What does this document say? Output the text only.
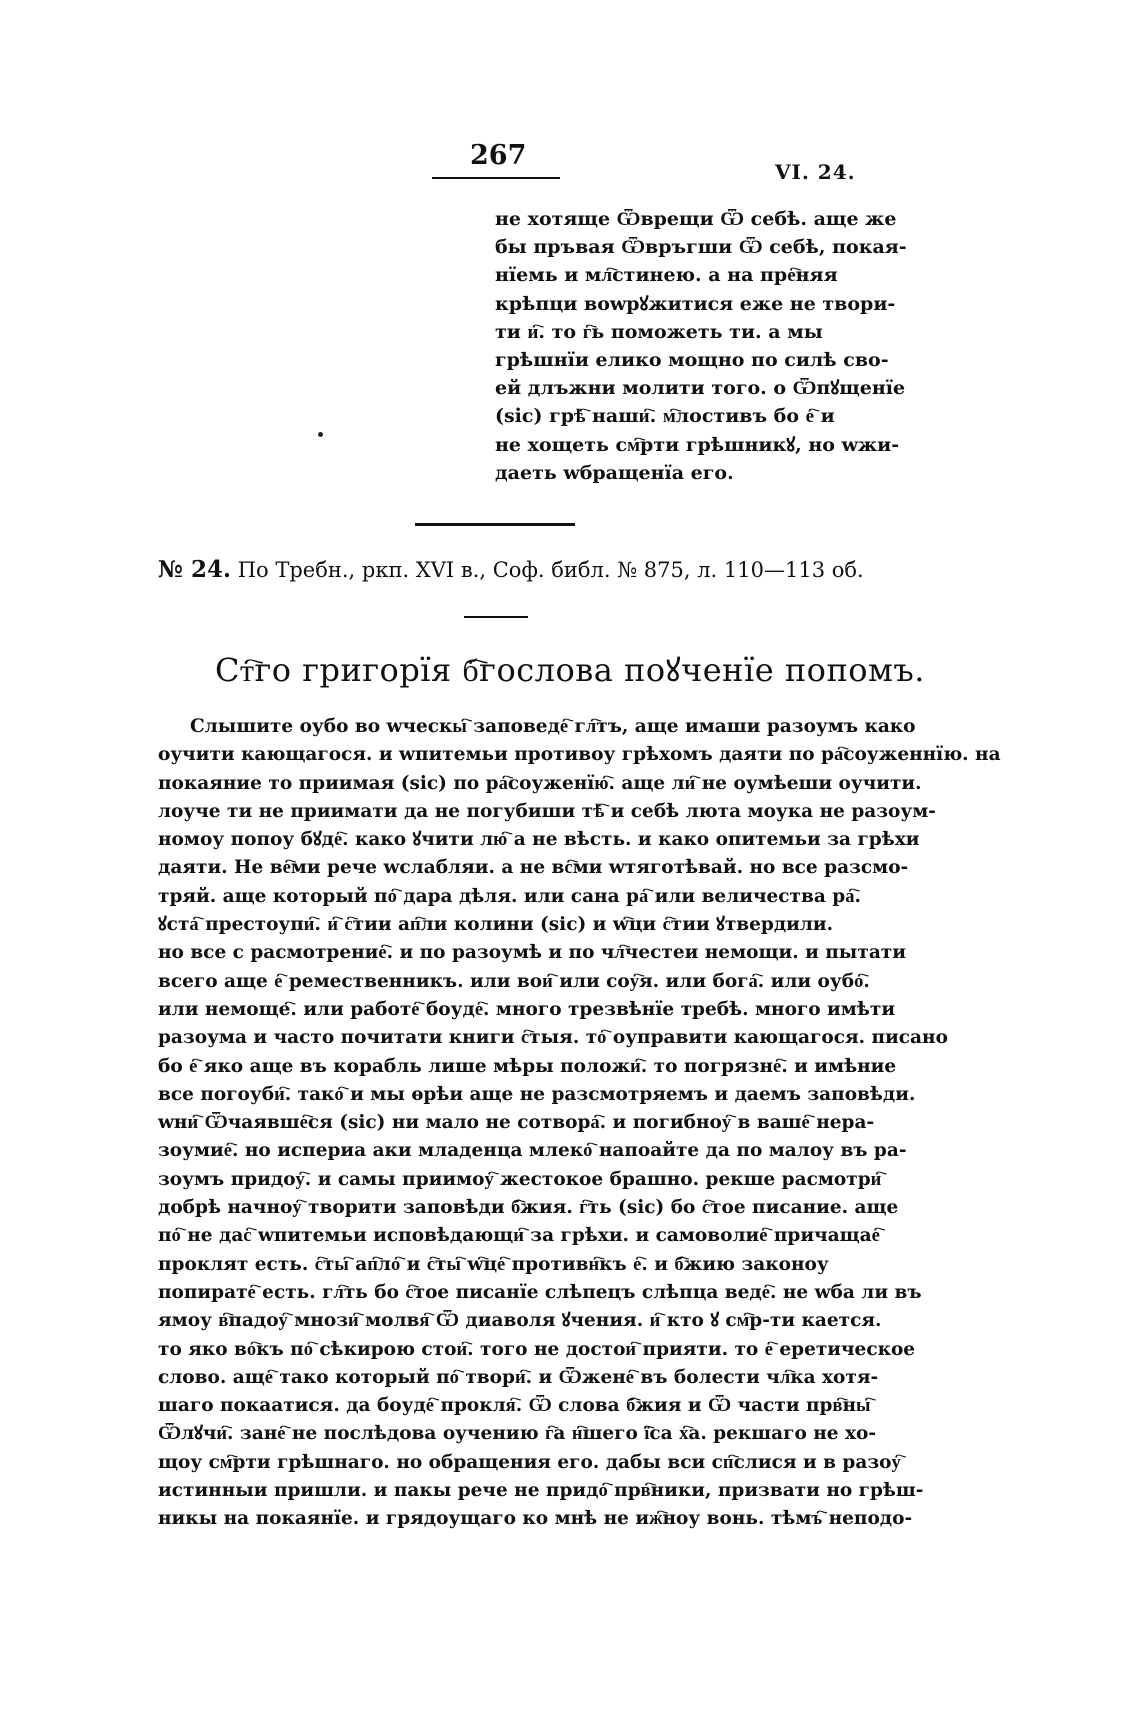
267
VI. 24.
не хотяще Ѿврещи Ѿ себѣ. аще же
бы пръвая Ѿвръгши Ѿ себѣ, покая-
нїемь и мл҇стинею. а на пре҇няя
крѣпци воwрꙋжитися еже не твори-
ти и҇. то г҇ь поможеть ти. а мы
грѣшнїи елико мощно по силѣ сво-
ей длъжни молити того. о Ѿпꙋщенїе
(sic) грѣ҇ наши҇. м҇лостивъ бо е҇ и
не хощеть см҇рти грѣшникꙋ, но wжи-
даеть wбращенїа его.
№ 24. По Требн., ркп. XVI в., Соф. библ. № 875, л. 110—113 об.
Ст҇го григорїя б҇гослова поꙋченїе попомъ.
Слышите оубо во wческы҇ заповеде҇ гл҇тъ, аще имаши разоумъ како
оучити кающагося. и wпитемьи противоу грѣхомъ даяти по ра҇соуженнїю. на
покаяние то приимая (sic) по ра҇соуженїю҇. аще ли҇ не оумѣеши оучити.
лоуче ти не приимати да не погубиши тѣ҇ и себѣ люта моука не разоум-
номоу попоу бꙋде҇. како ꙋчити лю҇ а не вѣсть. и како опитемьи за грѣхи
даяти. Не ве҇ми рече wслабляи. а не вс҇ми wтяготѣвай. но все разсмо-
тряй. аще который по҇ дара дѣля. или сана ра҇ или величества ра҇.
ꙋста҇ престоупи҇. и҇ с҇тии ап҇ли колини (sic) и w҇ци с҇тии ꙋтвердили.
но все с расмотрение҇. и по разоумѣ и по чл҇честеи немощи. и пытати
всего аще е҇ ремественникъ. или вои҇ или соу҇я. или бога҇. или оубо҇.
или немощe҇. или работе҇ боуде҇. много трезвѣнїе требѣ. много имѣти
разоума и часто почитати книги с҇тыя. то҇ оуправити кающагося. писано
бо е҇ яко аще въ корабль лише мѣры положи҇. то погрязне҇. и имѣние
все погоуби҇. тако҇ и мы ѳрѣи аще не разсмотряемъ и даемъ заповѣди.
wни҇ Ѿчаявше҇ся (sic) ни мало не сотвора҇. и погибноу҇ в ваше҇ нера-
зоумие҇. но испериа аки младенца млеко҇ напоайте да по малоу въ ра-
зоумъ придоу҇. и самы приимоу҇ жестокое брашно. рекше расмотри҇
добрѣ начноу҇ творити заповѣди б҇жия. г҇ть (sic) бо с҇тое писание. аще
по҇ не дас҇ wпитемьи исповѣдающи҇ за грѣхи. и самоволие҇ причащае҇
проклят есть. с҇ты҇ ап҇ло҇ и с҇ты҇ w҇це҇ противн҇къ е҇. и б҇жию законоу
попирате҇ есть. гл҇ть бо с҇тое писанїе слѣпецъ слѣпца веде҇. не wба ли въ
ямоу в҇падоу҇ мнози҇ молвя҇ Ѿ диаволя ꙋчения. и҇ кто ꙋ см҇р-ти кается.
то яко во҇къ по҇ сѣкирою стои҇. того не достои҇ прияти. то е҇ еретическое
слово. аще҇ тако который по҇ твори҇. и Ѿжене҇ въ болести чл҇ка хотя-
шаго покаатися. да боуде҇ прокля҇. Ѿ слова б҇жия и Ѿ части прв҇ны҇
Ѿлꙋчи҇. зане҇ не послѣдова оучению г҇а н҇шего ї҇са х҇а. рекшаго не хо-
щоу см҇рти грѣшнаго. но обращения его. дабы вси сп҇слися и в разоу҇
истинныи пришли. и пакы рече не придо҇ прв҇ники, призвати но грѣш-
никы на покаянїе. и грядоущаго ко мнѣ не иж҇ноу вонь. тѣмъ҇ неподо-
